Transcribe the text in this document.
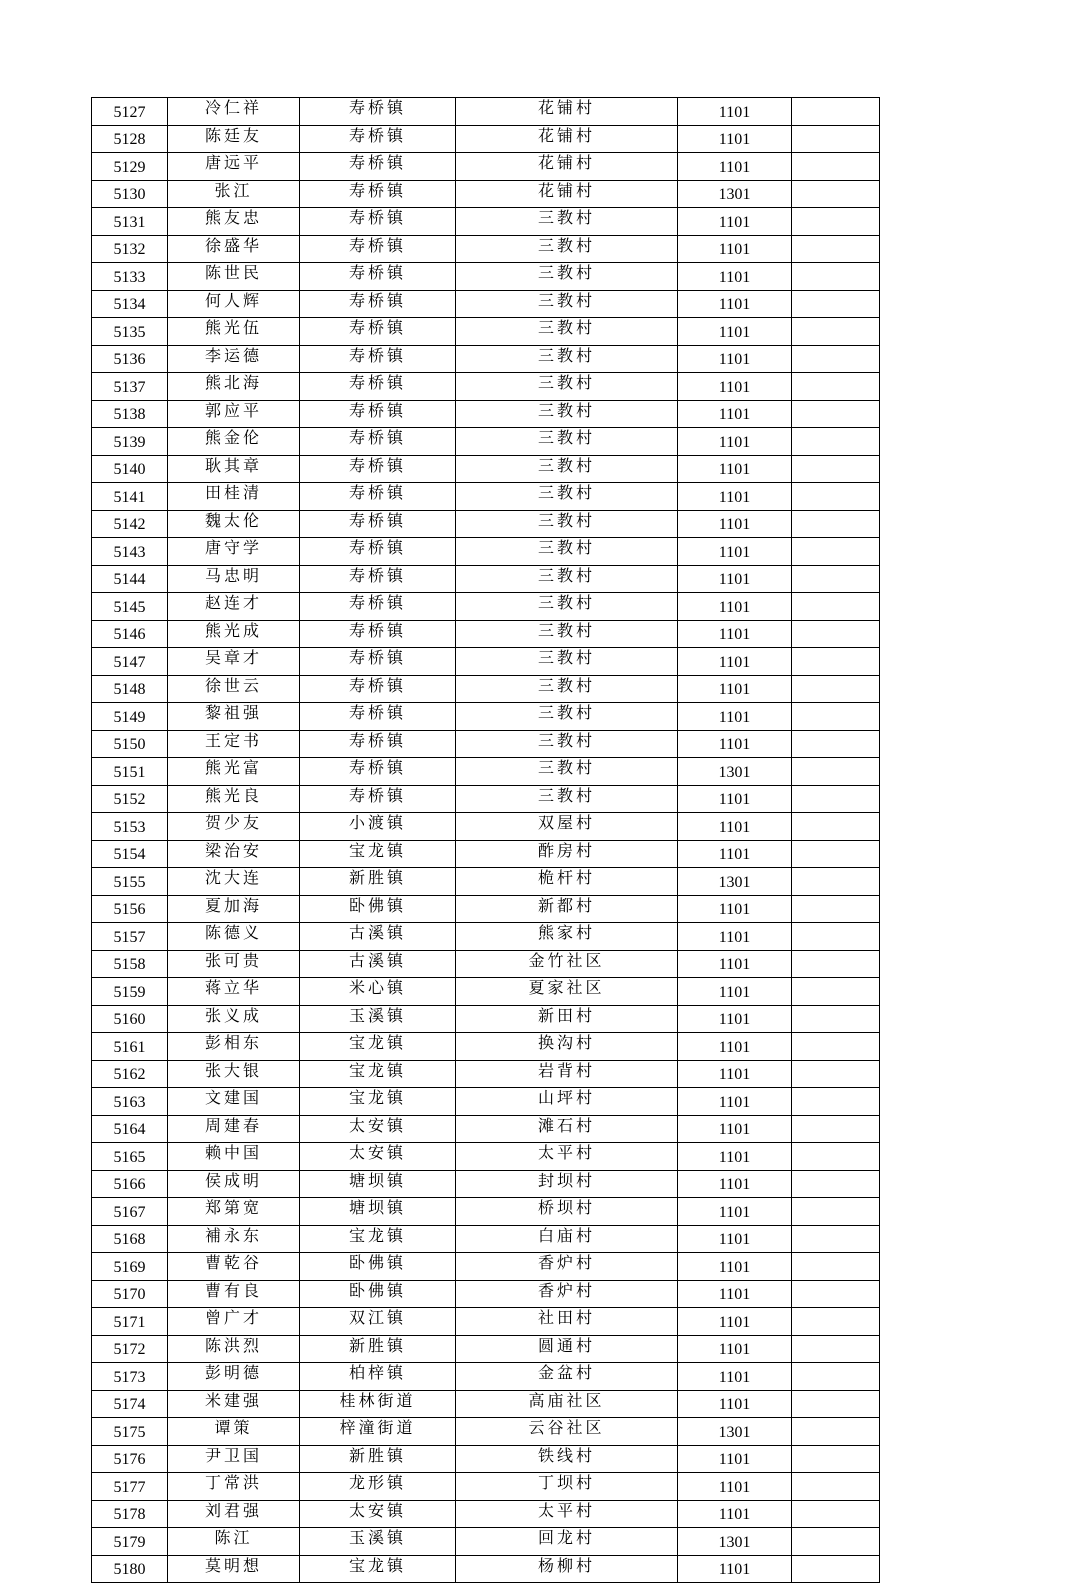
5127	冷仁祥	寿桥镇	花铺村	1101	
5128	陈廷友	寿桥镇	花铺村	1101	
5129	唐远平	寿桥镇	花铺村	1101	
5130	张江	寿桥镇	花铺村	1301	
5131	熊友忠	寿桥镇	三教村	1101	
5132	徐盛华	寿桥镇	三教村	1101	
5133	陈世民	寿桥镇	三教村	1101	
5134	何人辉	寿桥镇	三教村	1101	
5135	熊光伍	寿桥镇	三教村	1101	
5136	李运德	寿桥镇	三教村	1101	
5137	熊北海	寿桥镇	三教村	1101	
5138	郭应平	寿桥镇	三教村	1101	
5139	熊金伦	寿桥镇	三教村	1101	
5140	耿其章	寿桥镇	三教村	1101	
5141	田桂清	寿桥镇	三教村	1101	
5142	魏太伦	寿桥镇	三教村	1101	
5143	唐守学	寿桥镇	三教村	1101	
5144	马忠明	寿桥镇	三教村	1101	
5145	赵连才	寿桥镇	三教村	1101	
5146	熊光成	寿桥镇	三教村	1101	
5147	吴章才	寿桥镇	三教村	1101	
5148	徐世云	寿桥镇	三教村	1101	
5149	黎祖强	寿桥镇	三教村	1101	
5150	王定书	寿桥镇	三教村	1101	
5151	熊光富	寿桥镇	三教村	1301	
5152	熊光良	寿桥镇	三教村	1101	
5153	贺少友	小渡镇	双屋村	1101	
5154	梁治安	宝龙镇	酢房村	1101	
5155	沈大连	新胜镇	桅杆村	1301	
5156	夏加海	卧佛镇	新都村	1101	
5157	陈德义	古溪镇	熊家村	1101	
5158	张可贵	古溪镇	金竹社区	1101	
5159	蒋立华	米心镇	夏家社区	1101	
5160	张义成	玉溪镇	新田村	1101	
5161	彭相东	宝龙镇	换沟村	1101	
5162	张大银	宝龙镇	岩背村	1101	
5163	文建国	宝龙镇	山坪村	1101	
5164	周建春	太安镇	滩石村	1101	
5165	赖中国	太安镇	太平村	1101	
5166	侯成明	塘坝镇	封坝村	1101	
5167	郑第宽	塘坝镇	桥坝村	1101	
5168	補永东	宝龙镇	白庙村	1101	
5169	曹乾谷	卧佛镇	香炉村	1101	
5170	曹有良	卧佛镇	香炉村	1101	
5171	曾广才	双江镇	社田村	1101	
5172	陈洪烈	新胜镇	圆通村	1101	
5173	彭明德	柏梓镇	金盆村	1101	
5174	米建强	桂林街道	高庙社区	1101	
5175	谭策	梓潼街道	云谷社区	1301	
5176	尹卫国	新胜镇	铁线村	1101	
5177	丁常洪	龙形镇	丁坝村	1101	
5178	刘君强	太安镇	太平村	1101	
5179	陈江	玉溪镇	回龙村	1301	
5180	莫明想	宝龙镇	杨柳村	1101	
